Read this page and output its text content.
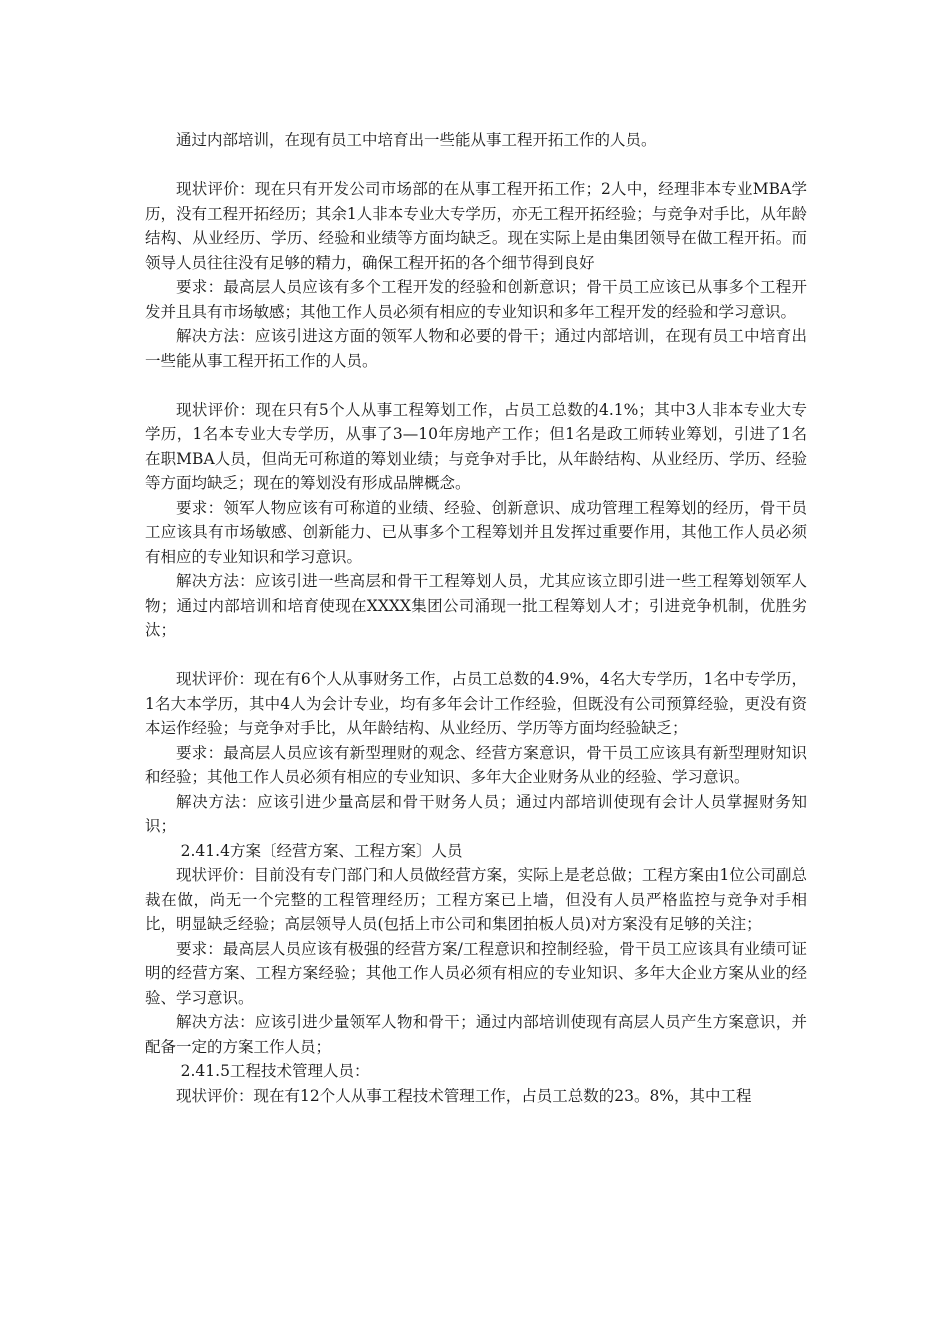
通过内部培训，在现有员工中培育出一些能从事工程开拓工作的人员。

现状评价：现在只有开发公司市场部的在从事工程开拓工作；2人中，经理非本专业MBA学历，没有工程开拓经历；其余1人非本专业大专学历，亦无工程开拓经验；与竞争对手比，从年龄结构、从业经历、学历、经验和业绩等方面均缺乏。现在实际上是由集团领导在做工程开拓。而领导人员往往没有足够的精力，确保工程开拓的各个细节得到良好

要求：最高层人员应该有多个工程开发的经验和创新意识；骨干员工应该已从事多个工程开发并且具有市场敏感；其他工作人员必须有相应的专业知识和多年工程开发的经验和学习意识。

解决方法：应该引进这方面的领军人物和必要的骨干；通过内部培训，在现有员工中培育出一些能从事工程开拓工作的人员。

现状评价：现在只有5个人从事工程筹划工作，占员工总数的4.1%；其中3人非本专业大专学历，1名本专业大专学历，从事了3—10年房地产工作；但1名是政工师转业筹划，引进了1名在职MBA人员，但尚无可称道的筹划业绩；与竞争对手比，从年龄结构、从业经历、学历、经验等方面均缺乏；现在的筹划没有形成品牌概念。

要求：领军人物应该有可称道的业绩、经验、创新意识、成功管理工程筹划的经历，骨干员工应该具有市场敏感、创新能力、已从事多个工程筹划并且发挥过重要作用，其他工作人员必须有相应的专业知识和学习意识。

解决方法：应该引进一些高层和骨干工程筹划人员，尤其应该立即引进一些工程筹划领军人物；通过内部培训和培育使现在XXXX集团公司涌现一批工程筹划人才；引进竞争机制，优胜劣汰；

现状评价：现在有6个人从事财务工作，占员工总数的4.9%，4名大专学历，1名中专学历，1名大本学历，其中4人为会计专业，均有多年会计工作经验，但既没有公司预算经验，更没有资本运作经验；与竞争对手比，从年龄结构、从业经历、学历等方面均经验缺乏；

要求：最高层人员应该有新型理财的观念、经营方案意识，骨干员工应该具有新型理财知识和经验；其他工作人员必须有相应的专业知识、多年大企业财务从业的经验、学习意识。

解决方法：应该引进少量高层和骨干财务人员；通过内部培训使现有会计人员掌握财务知识；

2.41.4方案〔经营方案、工程方案〕人员

现状评价：目前没有专门部门和人员做经营方案，实际上是老总做；工程方案由1位公司副总裁在做，尚无一个完整的工程管理经历；工程方案已上墙，但没有人员严格监控与竞争对手相比，明显缺乏经验；高层领导人员(包括上市公司和集团拍板人员)对方案没有足够的关注；

要求：最高层人员应该有极强的经营方案/工程意识和控制经验，骨干员工应该具有业绩可证明的经营方案、工程方案经验；其他工作人员必须有相应的专业知识、多年大企业方案从业的经验、学习意识。

解决方法：应该引进少量领军人物和骨干；通过内部培训使现有高层人员产生方案意识，并配备一定的方案工作人员；

2.41.5工程技术管理人员：

现状评价：现在有12个人从事工程技术管理工作，占员工总数的23。8%，其中工程
